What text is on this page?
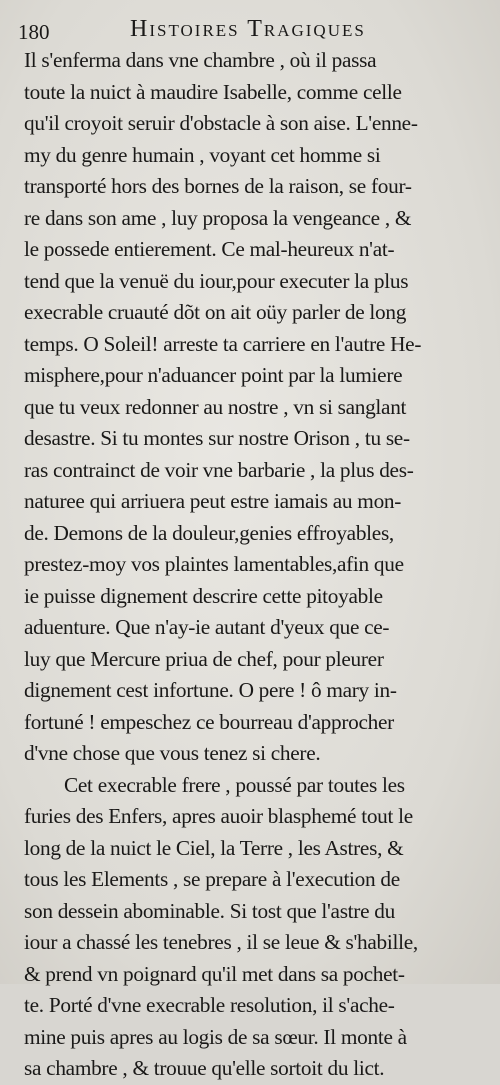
180	Histoires Tragiques
Il s'enferma dans vne chambre , où il passa
toute la nuict à maudire Isabelle, comme celle
qu'il croyoit seruir d'obstacle à son aise. L'enne-
my du genre humain , voyant cet homme si
transporté hors des bornes de la raison, se four-
re dans son ame , luy proposa la vengeance , &
le possede entierement. Ce mal-heureux n'at-
tend que la venuë du iour,pour executer la plus
execrable cruauté dõt on ait oüy parler de long
temps. O Soleil! arreste ta carriere en l'autre He-
misphere,pour n'aduancer point par la lumiere
que tu veux redonner au nostre , vn si sanglant
desastre. Si tu montes sur nostre Orison , tu se-
ras contrainct de voir vne barbarie , la plus des-
naturee qui arriuera peut estre iamais au mon-
de. Demons de la douleur,genies effroyables,
prestez-moy vos plaintes lamentables,afin que
ie puisse dignement descrire cette pitoyable
aduenture. Que n'ay-ie autant d'yeux que ce-
luy que Mercure priua de chef, pour pleurer
dignement cest infortune. O pere ! ô mary in-
fortuné ! empeschez ce bourreau d'approcher
d'vne chose que vous tenez si chere.
Cet execrable frere , poussé par toutes les
furies des Enfers, apres auoir blasphemé tout le
long de la nuict le Ciel, la Terre , les Astres, &
tous les Elements , se prepare à l'execution de
son dessein abominable. Si tost que l'astre du
iour a chassé les tenebres , il se leue & s'habille,
& prend vn poignard qu'il met dans sa pochet-
te. Porté d'vne execrable resolution, il s'ache-
mine puis apres au logis de sa sœur. Il monte à
sa chambre , & trouue qu'elle sortoit du lict.
